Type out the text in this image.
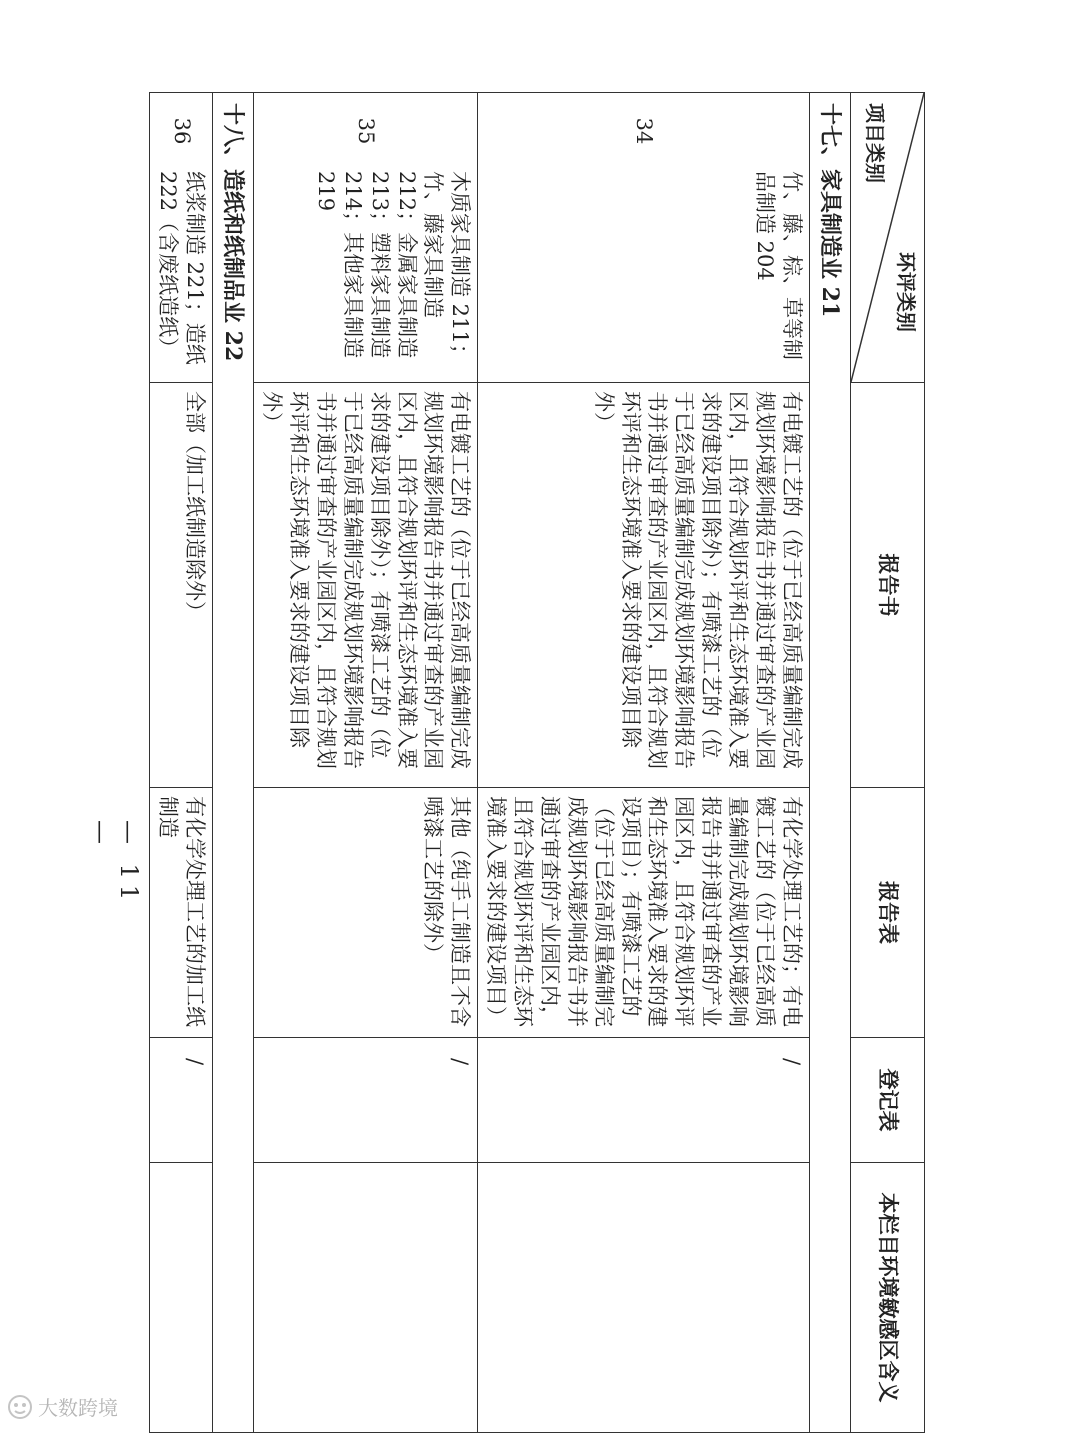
环评类别
项目类别	报告书	报告表	登记表	本栏目环境敏感区含义
十七、家具制造业 21				

34
竹、藤、棕、草等制品制造 204	有电镀工艺的（位于已经高质量编制完成规划环境影响报告书并通过审查的产业园区内，且符合规划环评和生态环境准入要求的建设项目除外）；有喷漆工艺的（位于已经高质量编制完成规划环境影响报告书并通过审查的产业园区内，且符合规划环评和生态环境准入要求的建设项目除外）	有化学处理工艺的；有电镀工艺的（位于已经高质量编制完成规划环境影响报告书并通过审查的产业园区内，且符合规划环评和生态环境准入要求的建设项目）；有喷漆工艺的（位于已经高质量编制完成规划环境影响报告书并通过审查的产业园区内，且符合规划环评和生态环境准入要求的建设项目）	/	

35
木质家具制造 211；竹、藤家具制造 212；金属家具制造 213；塑料家具制造 214；其他家具制造 219	有电镀工艺的（位于已经高质量编制完成规划环境影响报告书并通过审查的产业园区内，且符合规划环评和生态环境准入要求的建设项目除外）；有喷漆工艺的（位于已经高质量编制完成规划环境影响报告书并通过审查的产业园区内，且符合规划环评和生态环境准入要求的建设项目除外）	其他（纯手工制造且不含喷漆工艺的除外）	/	
十八、造纸和纸制品业 22				

36
纸浆制造 221；造纸 222（含废纸造纸）	全部（加工纸制造除外）	有化学处理工艺的加工纸制造	/	
— 11 —
大数跨境
